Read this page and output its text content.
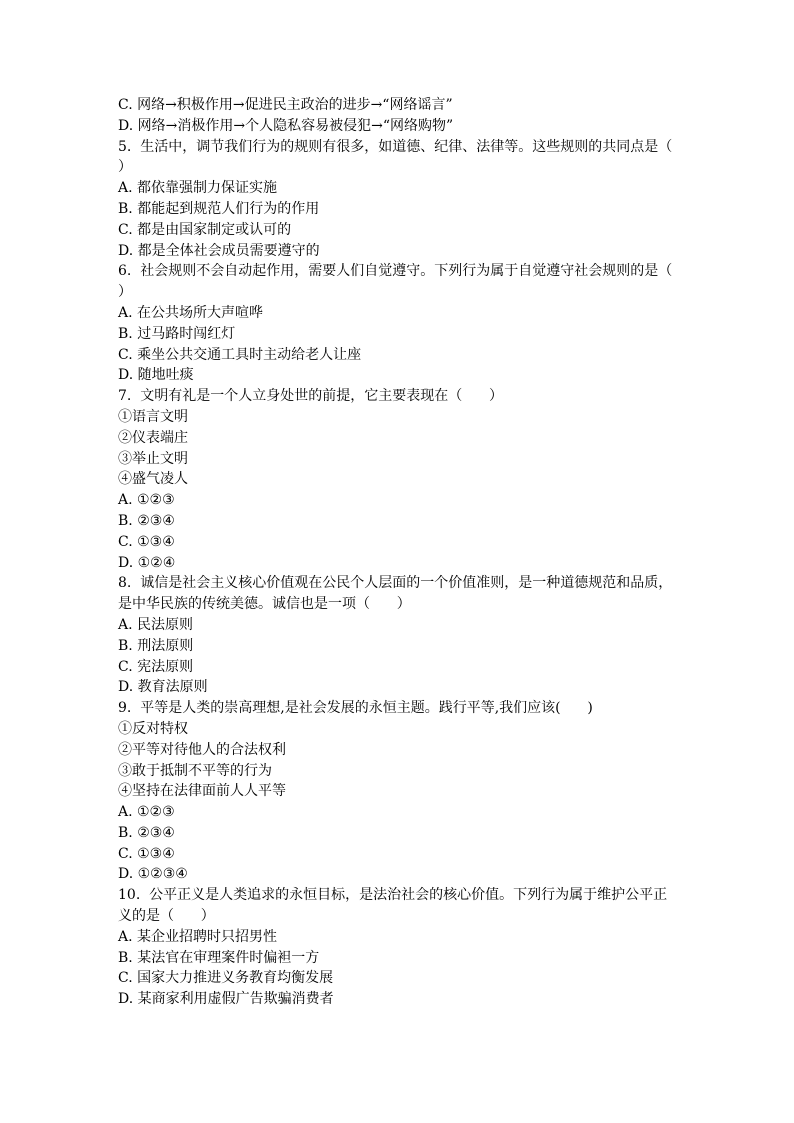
C. 网络→积极作用→促进民主政治的进步→“网络谣言”

D. 网络→消极作用→个人隐私容易被侵犯→“网络购物”

5.  生活中，调节我们行为的规则有很多，如道德、纪律、法律等。这些规则的共同点是（      ）

A. 都依靠强制力保证实施

B. 都能起到规范人们行为的作用

C. 都是由国家制定或认可的

D. 都是全体社会成员需要遵守的

6.  社会规则不会自动起作用，需要人们自觉遵守。下列行为属于自觉遵守社会规则的是（      ）

A. 在公共场所大声喧哗

B. 过马路时闯红灯

C. 乘坐公共交通工具时主动给老人让座

D. 随地吐痰

7.  文明有礼是一个人立身处世的前提，它主要表现在（      ）

①语言文明

②仪表端庄

③举止文明

④盛气凌人

A. ①②③

B. ②③④

C. ①③④

D. ①②④

8.  诚信是社会主义核心价值观在公民个人层面的一个价值准则，是一种道德规范和品质，是中华民族的传统美德。诚信也是一项（      ）

A. 民法原则

B. 刑法原则

C. 宪法原则

D. 教育法原则

9.  平等是人类的崇高理想,是社会发展的永恒主题。践行平等,我们应该(      )

①反对特权

②平等对待他人的合法权利

③敢于抵制不平等的行为

④坚持在法律面前人人平等

A. ①②③

B. ②③④

C. ①③④

D. ①②③④

10.  公平正义是人类追求的永恒目标，是法治社会的核心价值。下列行为属于维护公平正义的是（      ）

A. 某企业招聘时只招男性

B. 某法官在审理案件时偏袒一方

C. 国家大力推进义务教育均衡发展

D. 某商家利用虚假广告欺骗消费者
